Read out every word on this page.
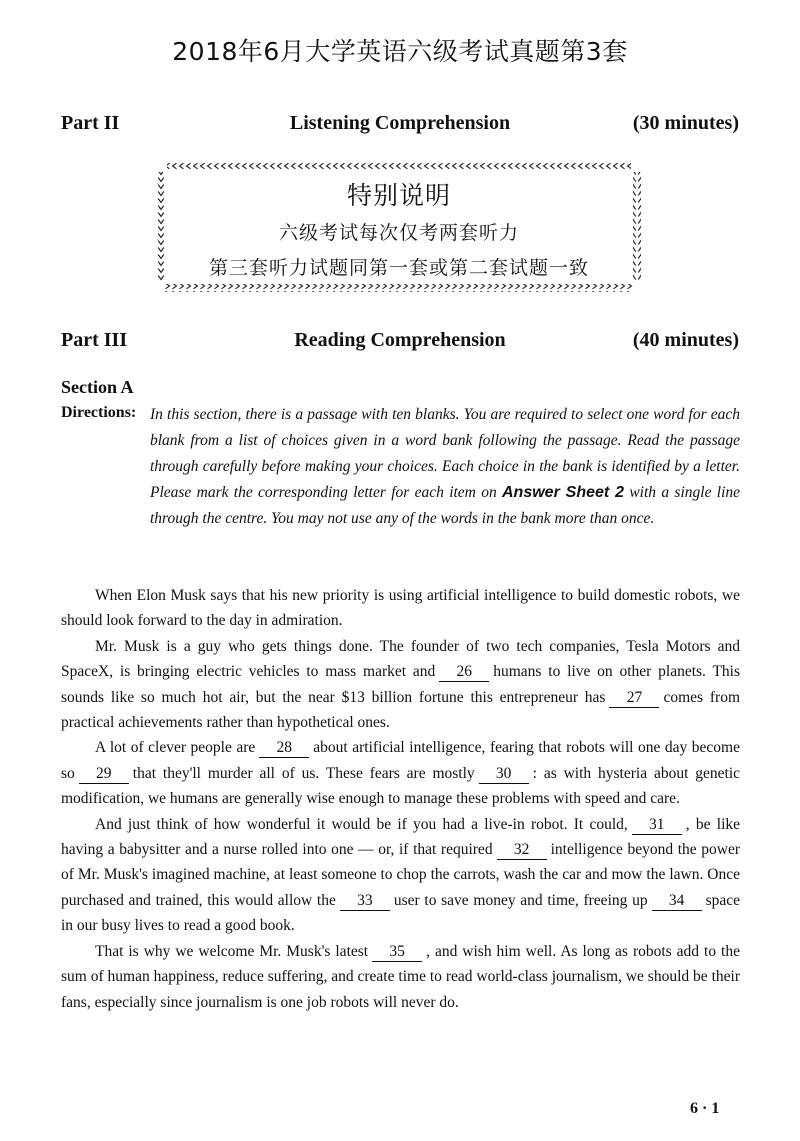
2018年6月大学英语六级考试真题第3套
Part II	Listening Comprehension	(30 minutes)
特别说明
六级考试每次仅考两套听力
第三套听力试题同第一套或第二套试题一致
Part III	Reading Comprehension	(40 minutes)
Section A
Directions: In this section, there is a passage with ten blanks. You are required to select one word for each blank from a list of choices given in a word bank following the passage. Read the passage through carefully before making your choices. Each choice in the bank is identified by a letter. Please mark the corresponding letter for each item on Answer Sheet 2 with a single line through the centre. You may not use any of the words in the bank more than once.

When Elon Musk says that his new priority is using artificial intelligence to build domestic robots, we should look forward to the day in admiration.

Mr. Musk is a guy who gets things done. The founder of two tech companies, Tesla Motors and SpaceX, is bringing electric vehicles to mass market and 26 humans to live on other planets. This sounds like so much hot air, but the near $13 billion fortune this entrepreneur has 27 comes from practical achievements rather than hypothetical ones.

A lot of clever people are 28 about artificial intelligence, fearing that robots will one day become so 29 that they'll murder all of us. These fears are mostly 30 : as with hysteria about genetic modification, we humans are generally wise enough to manage these problems with speed and care.

And just think of how wonderful it would be if you had a live-in robot. It could, 31 , be like having a babysitter and a nurse rolled into one — or, if that required 32 intelligence beyond the power of Mr. Musk's imagined machine, at least someone to chop the carrots, wash the car and mow the lawn. Once purchased and trained, this would allow the 33 user to save money and time, freeing up 34 space in our busy lives to read a good book.

That is why we welcome Mr. Musk's latest 35 , and wish him well. As long as robots add to the sum of human happiness, reduce suffering, and create time to read world-class journalism, we should be their fans, especially since journalism is one job robots will never do.

6 · 1
